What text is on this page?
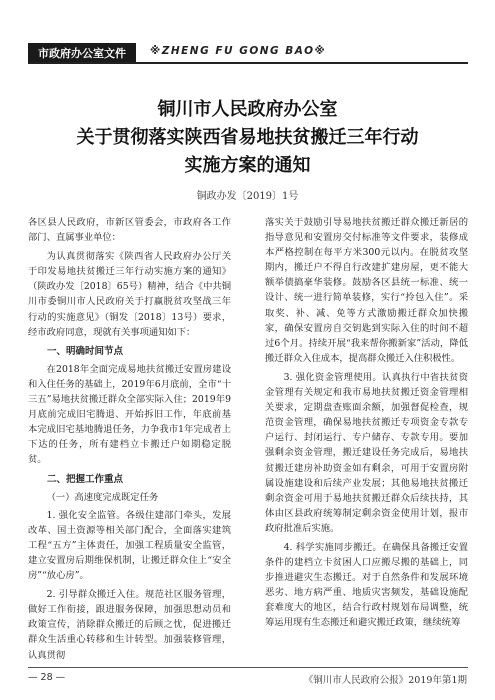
市政府办公室文件	※ZHENG FU GONG BAO※
铜川市人民政府办公室
关于贯彻落实陕西省易地扶贫搬迁三年行动
实施方案的通知
铜政办发〔2019〕1号

各区县人民政府，市新区管委会，市政府各工作部门、直属事业单位：

为认真贯彻落实《陕西省人民政府办公厅关于印发易地扶贫搬迁三年行动实施方案的通知》（陕政办发〔2018〕65号）精神，结合《中共铜川市委铜川市人民政府关于打赢脱贫攻坚战三年行动的实施意见》（铜发〔2018〕13号）要求，经市政府同意，现就有关事项通知如下：

一、明确时间节点

在2018年全面完成易地扶贫搬迁安置房建设和入住任务的基础上，2019年6月底前，全市“十三五”易地扶贫搬迁群众全部实际入住；2019年9月底前完成旧宅腾退、开始拆旧工作，年底前基本完成旧宅基地腾退任务，力争我市1年完成者上下达的任务，所有建档立卡搬迁户如期稳定脱贫。

二、把握工作重点
（一）高速度完成既定任务

1. 强化安全监管。各级住建部门牵头，发展改革、国土资源等相关部门配合，全面落实建筑工程“五方”主体责任，加强工程质量安全监管，建立安置房后期维保机制，让搬迁群众住上“安全房”“放心房”。

2. 引导群众搬迁入住。规范社区服务管理，做好工作衔接，跟进服务保障，加强思想动员和政策宣传，消除群众搬迁的后顾之忧，促进搬迁群众生活重心转移和生计转型。加强装修管理，认真贯彻

落实关于鼓励引导易地扶贫搬迁群众搬迁新居的指导意见和安置房交付标准等文件要求，装修成本严格控制在每平方米300元以内。在脱贫攻坚期内，搬迁户不得自行改建扩建房屋，更不能大额举债搞豪华装修。鼓励各区县统一标准、统一设计、统一进行简单装修，实行“拎包入住”。采取奖、补、减、免等方式激励搬迁群众加快搬家，确保安置房自交钥匙到实际入住的时间不超过6个月。持续开展“我来帮你搬新家”活动，降低搬迁群众入住成本，提高群众搬迁入住积极性。

3. 强化资金管理使用。认真执行中省扶贫资金管理有关规定和我市易地扶贫搬迁资金管理相关要求，定期盘查账面余额，加强督促检查，规范资金管理，确保易地扶贫搬迁专项资金专款专户运行、封闭运行、专户储存、专款专用。要加强剩余资金管理，搬迁建设任务完成后，易地扶贫搬迁建房补助资金如有剩余，可用于安置房附属设施建设和后续产业发展；其他易地扶贫搬迁剩余资金可用于易地扶贫搬迁群众后续扶持，其体由区县政府统筹制定剩余资金使用计划，报市政府批准后实施。

4. 科学实施同步搬迁。在确保具备搬迁安置条件的建档立卡贫困人口应搬尽搬的基础上，同步推进避灾生态搬迁。对于自然条件和发展环境恶劣、地方病严重、地质灾害频发，基础设施配套难度大的地区，结合行政村规划布局调整，统筹运用现有生态搬迁和避灾搬迁政策，继续统筹

— 28 —	《铜川市人民政府公报》2019年第1期
